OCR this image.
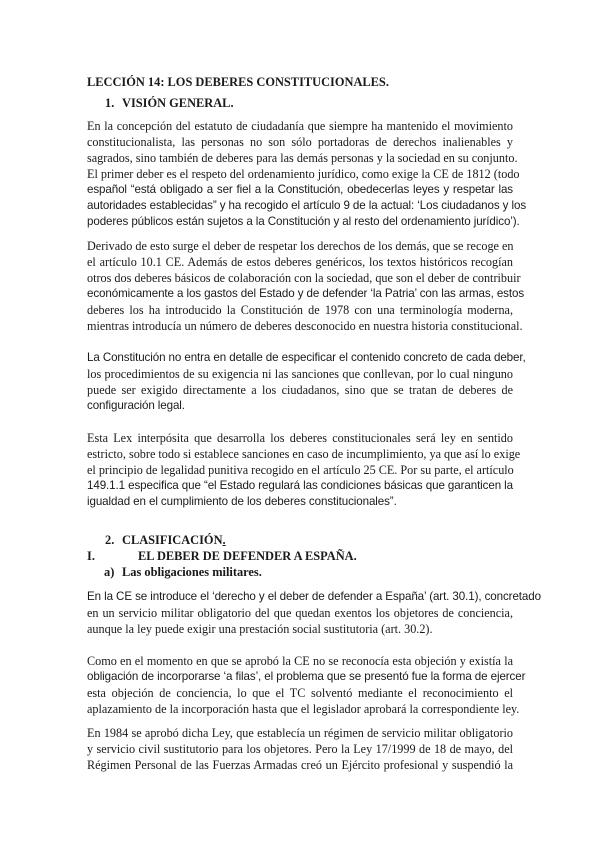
LECCIÓN 14: LOS DEBERES CONSTITUCIONALES.
1. VISIÓN GENERAL.
En la concepción del estatuto de ciudadanía que siempre ha mantenido el movimiento
constitucionalista, las personas no son sólo portadoras de derechos inalienables y
sagrados, sino también de deberes para las demás personas y la sociedad en su conjunto.
El primer deber es el respeto del ordenamiento jurídico, como exige la CE de 1812 (todo
español “está obligado a ser fiel a la Constitución, obedecerlas leyes y respetar las
autoridades establecidas” y ha recogido el artículo 9 de la actual: ‘Los ciudadanos y los
poderes públicos están sujetos a la Constitución y al resto del ordenamiento jurídico’).
Derivado de esto surge el deber de respetar los derechos de los demás, que se recoge en
el artículo 10.1 CE. Además de estos deberes genéricos, los textos históricos recogían
otros dos deberes básicos de colaboración con la sociedad, que son el deber de contribuir
económicamente a los gastos del Estado y de defender ‘la Patria’ con las armas, estos
deberes los ha introducido la Constitución de 1978 con una terminología moderna,
mientras introducía un número de deberes desconocido en nuestra historia constitucional.
La Constitución no entra en detalle de especificar el contenido concreto de cada deber,
los procedimientos de su exigencia ni las sanciones que conllevan, por lo cual ninguno
puede ser exigido directamente a los ciudadanos, sino que se tratan de deberes de
configuración legal.
Esta Lex interpósita que desarrolla los deberes constitucionales será ley en sentido
estricto, sobre todo si establece sanciones en caso de incumplimiento, ya que así lo exige
el principio de legalidad punitiva recogido en el artículo 25 CE. Por su parte, el artículo
149.1.1 especifica que “el Estado regulará las condiciones básicas que garanticen la
igualdad en el cumplimiento de los deberes constitucionales”.
2. CLASIFICACIÓN.
I.	EL DEBER DE DEFENDER A ESPAÑA.
a) Las obligaciones militares.
En la CE se introduce el ‘derecho y el deber de defender a España’ (art. 30.1), concretado
en un servicio militar obligatorio del que quedan exentos los objetores de conciencia,
aunque la ley puede exigir una prestación social sustitutoria (art. 30.2).
Como en el momento en que se aprobó la CE no se reconocía esta objeción y existía la
obligación de incorporarse ‘a filas’, el problema que se presentó fue la forma de ejercer
esta objeción de conciencia, lo que el TC solventó mediante el reconocimiento el
aplazamiento de la incorporación hasta que el legislador aprobará la correspondiente ley.
En 1984 se aprobó dicha Ley, que establecía un régimen de servicio militar obligatorio
y servicio civil sustitutorio para los objetores. Pero la Ley 17/1999 de 18 de mayo, del
Régimen Personal de las Fuerzas Armadas creó un Ejército profesional y suspendió la
